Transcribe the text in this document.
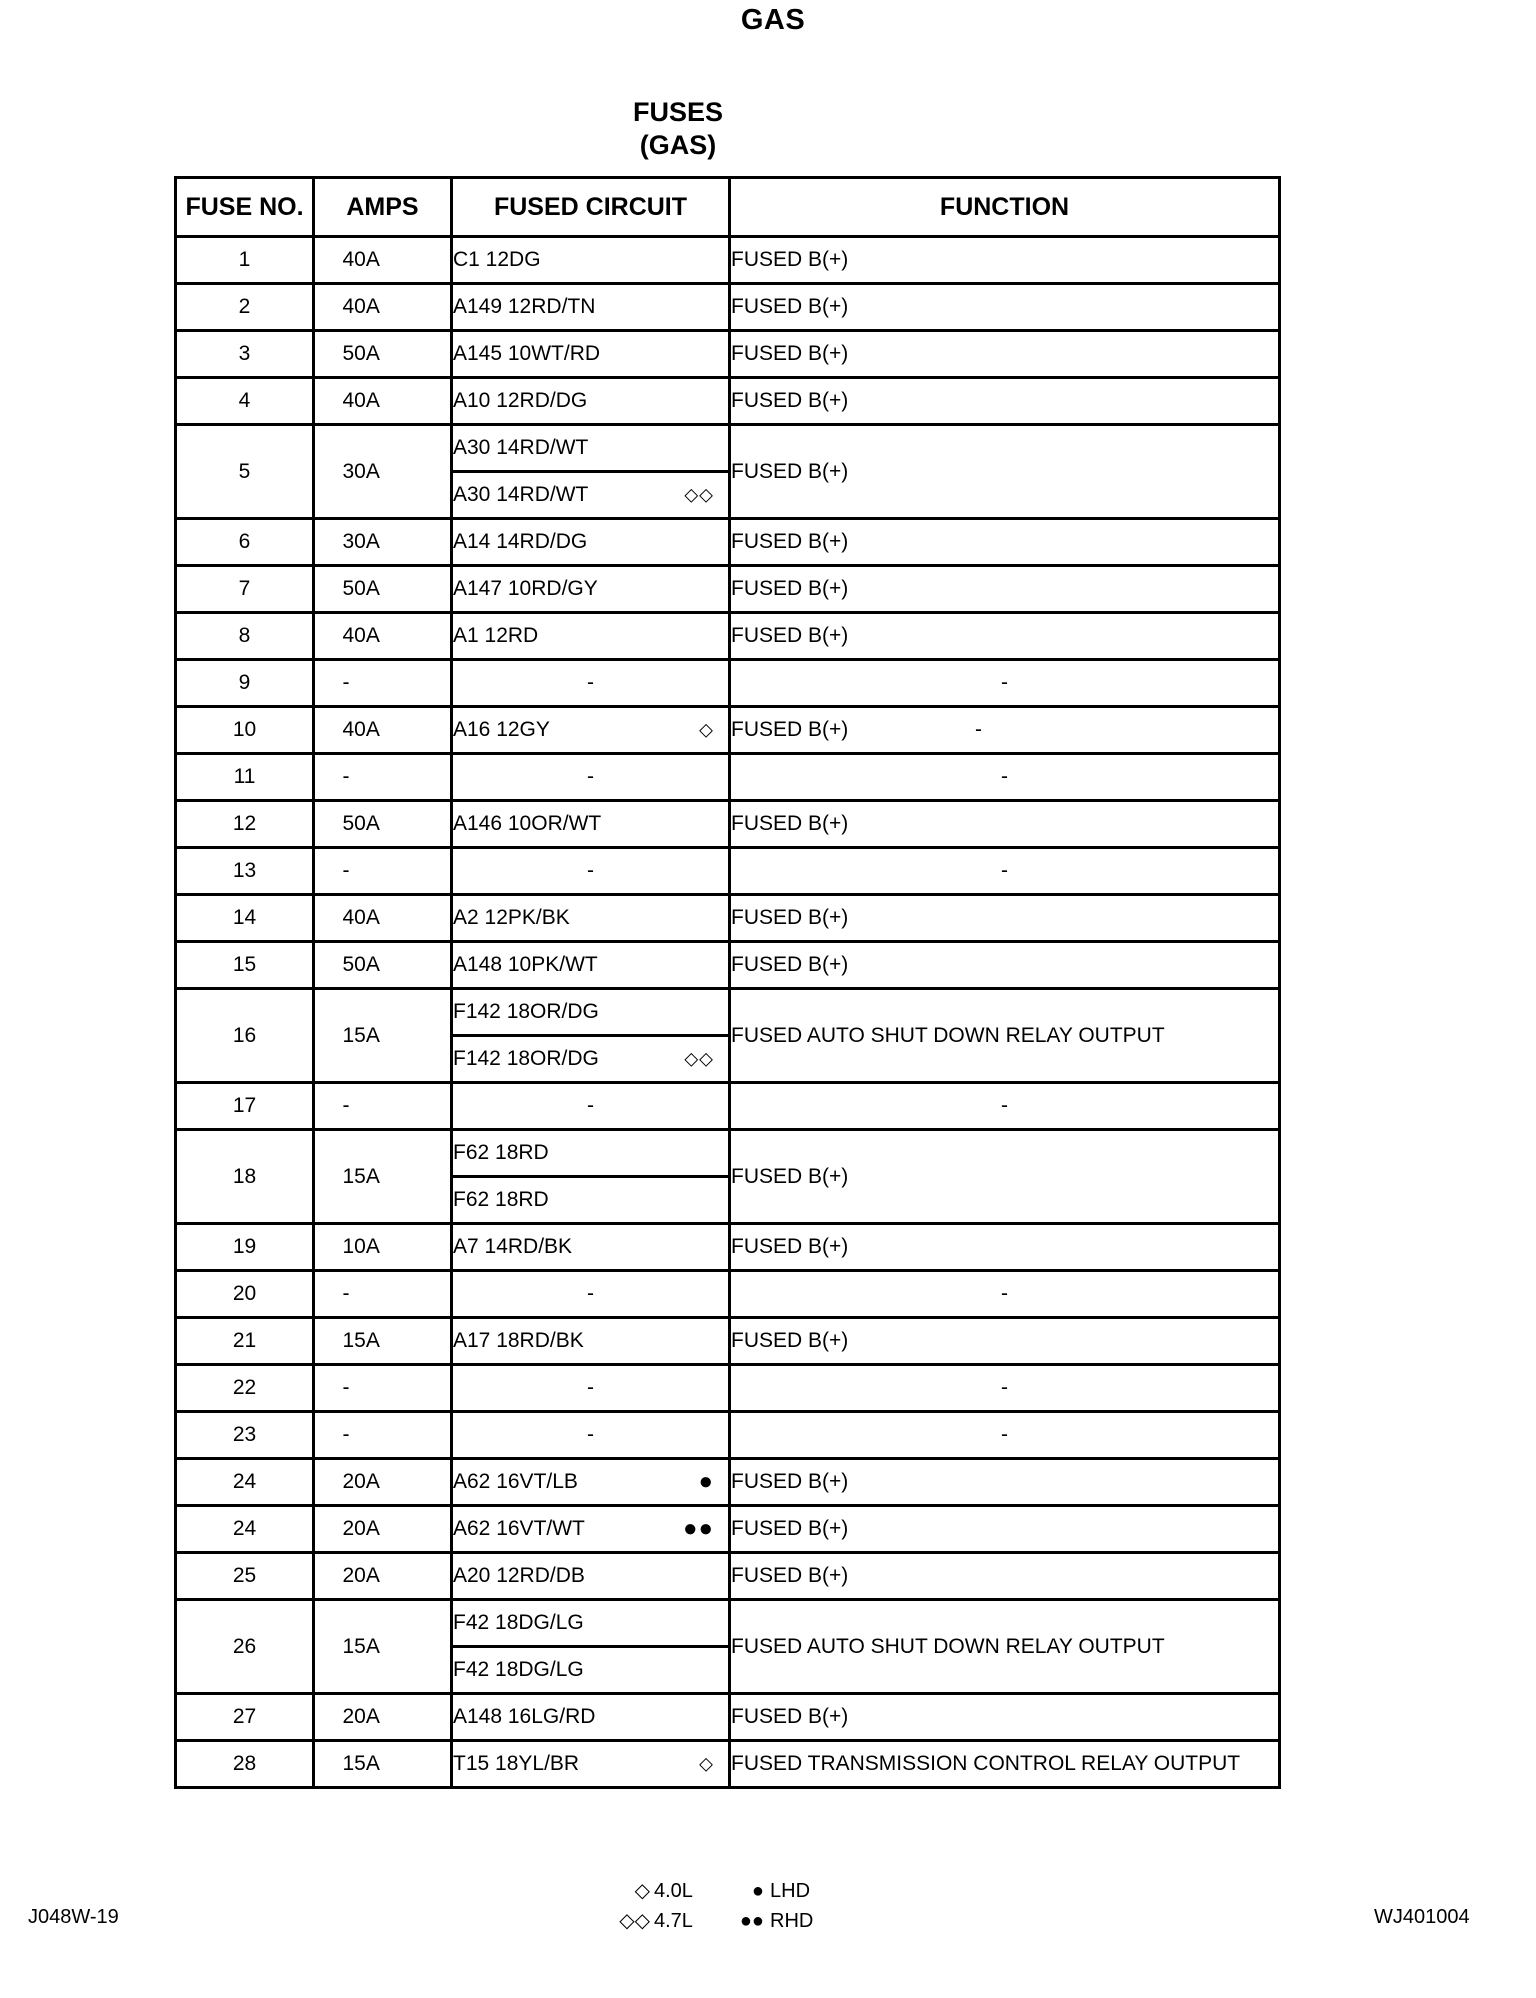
GAS
FUSES
(GAS)
FUSE NO.	AMPS	FUSED CIRCUIT	FUNCTION
1	40A	C1 12DG	FUSED B(+)
2	40A	A149 12RD/TN	FUSED B(+)
3	50A	A145 10WT/RD	FUSED B(+)
4	40A	A10 12RD/DG	FUSED B(+)
5	30A	A30 14RD/WT	FUSED B(+)
		A30 14RD/WT ◇◇	

6	30A	A14 14RD/DG	FUSED B(+)
7	50A	A147 10RD/GY	FUSED B(+)
8	40A	A1 12RD	FUSED B(+)
9	-	-	-
10	40A	A16 12GY ◇	FUSED B(+) -

11	-	-	-
12	50A	A146 10OR/WT	FUSED B(+)
13	-	-	-
14	40A	A2 12PK/BK	FUSED B(+)
15	50A	A148 10PK/WT	FUSED B(+)
16	15A	F142 18OR/DG	FUSED AUTO SHUT DOWN RELAY OUTPUT
		F142 18OR/DG ◇◇	

17	-	-	-
18	15A	F62 18RD	FUSED B(+)
		F62 18RD	
19	10A	A7 14RD/BK	FUSED B(+)
20	-	-	-
21	15A	A17 18RD/BK	FUSED B(+)
22	-	-	-
23	-	-	-
24	20A	A62 16VT/LB ●	FUSED B(+)
24	20A	A62 16VT/WT ●●	FUSED B(+)
25	20A	A20 12RD/DB	FUSED B(+)
26	15A	F42 18DG/LG	FUSED AUTO SHUT DOWN RELAY OUTPUT
		F42 18DG/LG	
27	20A	A148 16LG/RD	FUSED B(+)
28	15A	T15 18YL/BR ◇	FUSED TRANSMISSION CONTROL RELAY OUTPUT
◇ 4.0L	● LHD
◇◇ 4.7L	●● RHD
J048W-19	WJ401004
